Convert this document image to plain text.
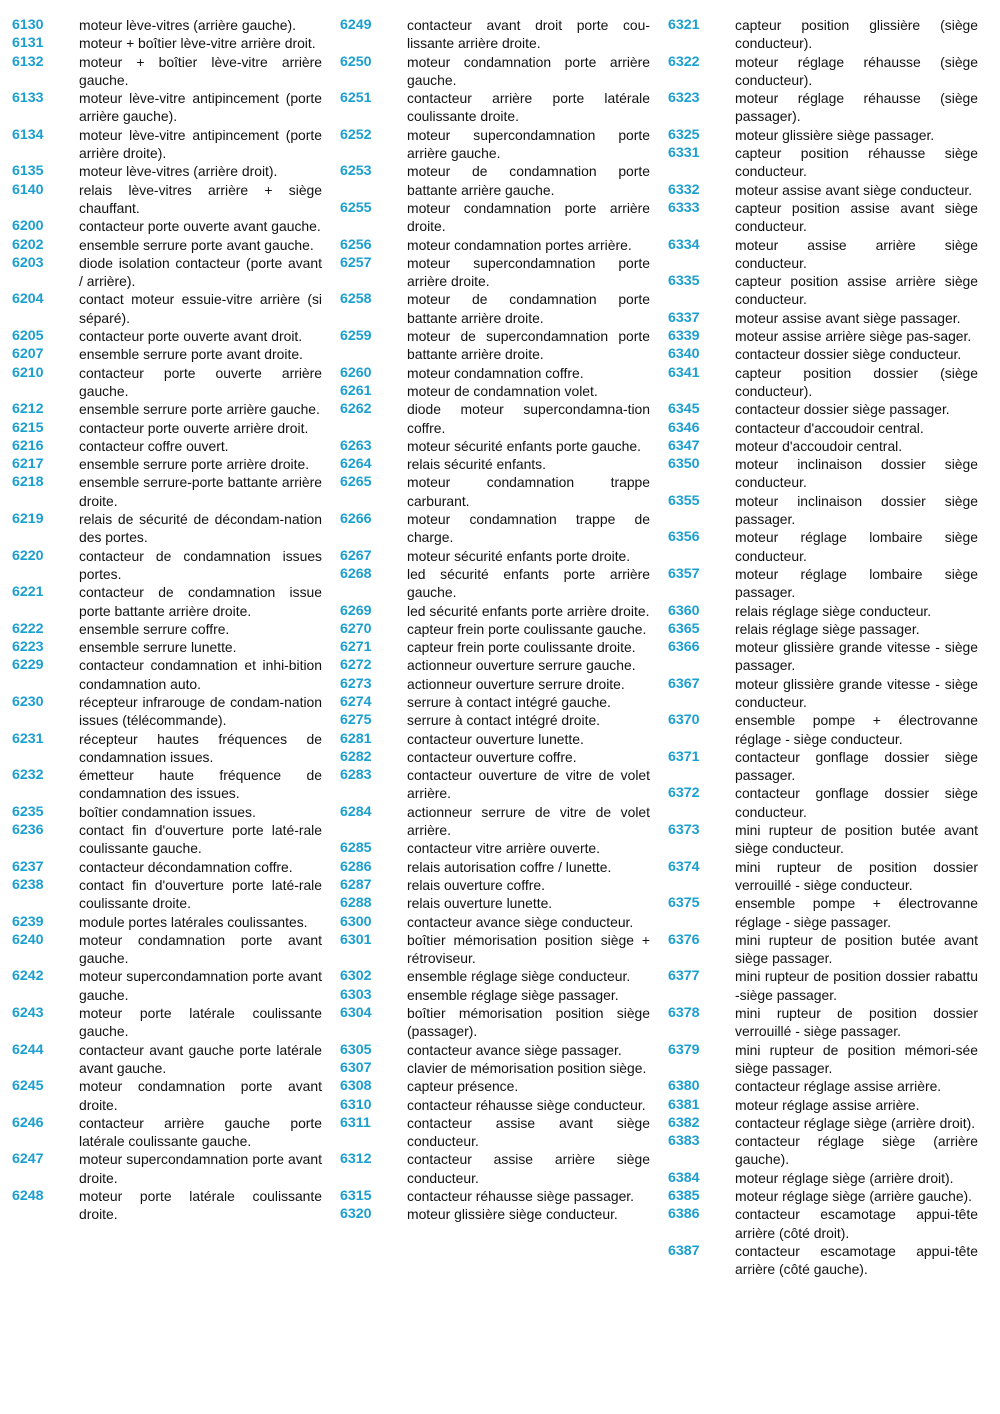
6130	moteur lève-vitres (arrière gauche).
6131	moteur + boîtier lève-vitre arrière droit.
6132	moteur + boîtier lève-vitre arrière gauche.
6133	moteur lève-vitre antipincement (porte arrière gauche).
6134	moteur lève-vitre antipincement (porte arrière droite).
6135	moteur lève-vitres (arrière droit).
6140	relais lève-vitres arrière + siège chauffant.
6200	contacteur porte ouverte avant gauche.
6202	ensemble serrure porte avant gauche.
6203	diode isolation contacteur (porte avant / arrière).
6204	contact moteur essuie-vitre arrière (si séparé).
6205	contacteur porte ouverte avant droit.
6207	ensemble serrure porte avant droite.
6210	contacteur porte ouverte arrière gauche.
6212	ensemble serrure porte arrière gauche.
6215	contacteur porte ouverte arrière droit.
6216	contacteur coffre ouvert.
6217	ensemble serrure porte arrière droite.
6218	ensemble serrure-porte battante arrière droite.
6219	relais de sécurité de décondam-nation des portes.
6220	contacteur de condamnation issues portes.
6221	contacteur de condamnation issue porte battante arrière droite.
6222	ensemble serrure coffre.
6223	ensemble serrure lunette.
6229	contacteur condamnation et inhi-bition condamnation auto.
6230	récepteur infrarouge de condam-nation issues (télécommande).
6231	récepteur hautes fréquences de condamnation issues.
6232	émetteur haute fréquence de condamnation des issues.
6235	boîtier condamnation issues.
6236	contact fin d'ouverture porte laté-rale coulissante gauche.
6237	contacteur décondamnation coffre.
6238	contact fin d'ouverture porte laté-rale coulissante droite.
6239	module portes latérales coulissantes.
6240	moteur condamnation porte avant gauche.
6242	moteur supercondamnation porte avant gauche.
6243	moteur porte latérale coulissante gauche.
6244	contacteur avant gauche porte latérale avant gauche.
6245	moteur condamnation porte avant droite.
6246	contacteur arrière gauche porte latérale coulissante gauche.
6247	moteur supercondamnation porte avant droite.
6248	moteur porte latérale coulissante droite.
6249	contacteur avant droit porte cou-lissante arrière droite.
6250	moteur condamnation porte arrière gauche.
6251	contacteur arrière porte latérale coulissante droite.
6252	moteur supercondamnation porte arrière gauche.
6253	moteur de condamnation porte battante arrière gauche.
6255	moteur condamnation porte arrière droite.
6256	moteur condamnation portes arrière.
6257	moteur supercondamnation porte arrière droite.
6258	moteur de condamnation porte battante arrière droite.
6259	moteur de supercondamnation porte battante arrière droite.
6260	moteur condamnation coffre.
6261	moteur de condamnation volet.
6262	diode moteur supercondamna-tion coffre.
6263	moteur sécurité enfants porte gauche.
6264	relais sécurité enfants.
6265	moteur condamnation trappe carburant.
6266	moteur condamnation trappe de charge.
6267	moteur sécurité enfants porte droite.
6268	led sécurité enfants porte arrière gauche.
6269	led sécurité enfants porte arrière droite.
6270	capteur frein porte coulissante gauche.
6271	capteur frein porte coulissante droite.
6272	actionneur ouverture serrure gauche.
6273	actionneur ouverture serrure droite.
6274	serrure à contact intégré gauche.
6275	serrure à contact intégré droite.
6281	contacteur ouverture lunette.
6282	contacteur ouverture coffre.
6283	contacteur ouverture de vitre de volet arrière.
6284	actionneur serrure de vitre de volet arrière.
6285	contacteur vitre arrière ouverte.
6286	relais autorisation coffre / lunette.
6287	relais ouverture coffre.
6288	relais ouverture lunette.
6300	contacteur avance siège conducteur.
6301	boîtier mémorisation position siège + rétroviseur.
6302	ensemble réglage siège conducteur.
6303	ensemble réglage siège passager.
6304	boîtier mémorisation position siège (passager).
6305	contacteur avance siège passager.
6307	clavier de mémorisation position siège.
6308	capteur présence.
6310	contacteur réhausse siège conducteur.
6311	contacteur assise avant siège conducteur.
6312	contacteur assise arrière siège conducteur.
6315	contacteur réhausse siège passager.
6320	moteur glissière siège conducteur.
6321	capteur position glissière (siège conducteur).
6322	moteur réglage réhausse (siège conducteur).
6323	moteur réglage réhausse (siège passager).
6325	moteur glissière siège passager.
6331	capteur position réhausse siège conducteur.
6332	moteur assise avant siège conducteur.
6333	capteur position assise avant siège conducteur.
6334	moteur assise arrière siège conducteur.
6335	capteur position assise arrière siège conducteur.
6337	moteur assise avant siège passager.
6339	moteur assise arrière siège pas-sager.
6340	contacteur dossier siège conducteur.
6341	capteur position dossier (siège conducteur).
6345	contacteur dossier siège passager.
6346	contacteur d'accoudoir central.
6347	moteur d'accoudoir central.
6350	moteur inclinaison dossier siège conducteur.
6355	moteur inclinaison dossier siège passager.
6356	moteur réglage lombaire siège conducteur.
6357	moteur réglage lombaire siège passager.
6360	relais réglage siège conducteur.
6365	relais réglage siège passager.
6366	moteur glissière grande vitesse - siège passager.
6367	moteur glissière grande vitesse - siège conducteur.
6370	ensemble pompe + électrovanne réglage - siège conducteur.
6371	contacteur gonflage dossier siège passager.
6372	contacteur gonflage dossier siège conducteur.
6373	mini rupteur de position butée avant siège conducteur.
6374	mini rupteur de position dossier verrouillé - siège conducteur.
6375	ensemble pompe + électrovanne réglage - siège passager.
6376	mini rupteur de position butée avant siège passager.
6377	mini rupteur de position dossier rabattu -siège passager.
6378	mini rupteur de position dossier verrouillé - siège passager.
6379	mini rupteur de position mémori-sée siège passager.
6380	contacteur réglage assise arrière.
6381	moteur réglage assise arrière.
6382	contacteur réglage siège (arrière droit).
6383	contacteur réglage siège (arrière gauche).
6384	moteur réglage siège (arrière droit).
6385	moteur réglage siège (arrière gauche).
6386	contacteur escamotage appui-tête arrière (côté droit).
6387	contacteur escamotage appui-tête arrière (côté gauche).
